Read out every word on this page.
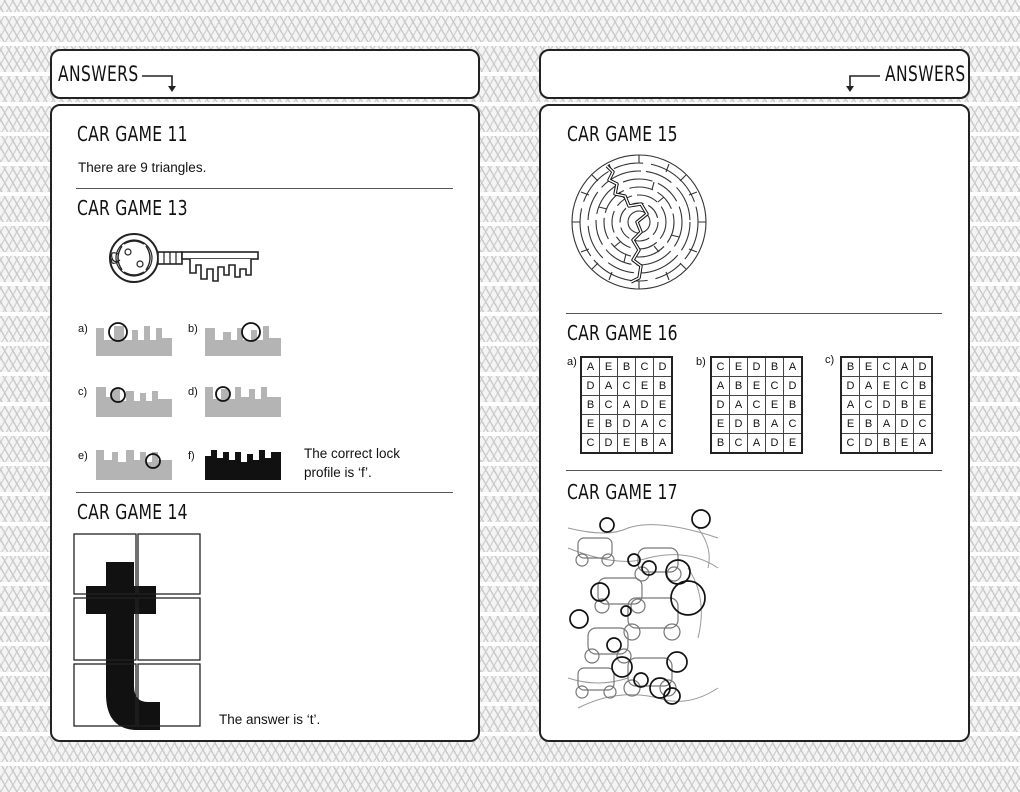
ANSWERS
CAR GAME 11
There are 9 triangles.
CAR GAME 13
a)	b)
c)	d)
e)	f)	The correct lock
profile is ‘f’.
CAR GAME 14
The answer is ‘t’.
ANSWERS
CAR GAME 15
CAR GAME 16
a) A	E	B	C	D
D	A	C	E	B
B	C	A	D	E
E	B	D	A	C
C	D	E	B	A
b) C	E	D	B	A
A	B	E	C	D
D	A	C	E	B
E	D	B	A	C
B	C	A	D	E
c)
B	E	C	A	D
D	A	E	C	B
A	C	D	B	E
E	B	A	D	C
C	D	B	E	A
CAR GAME 17
